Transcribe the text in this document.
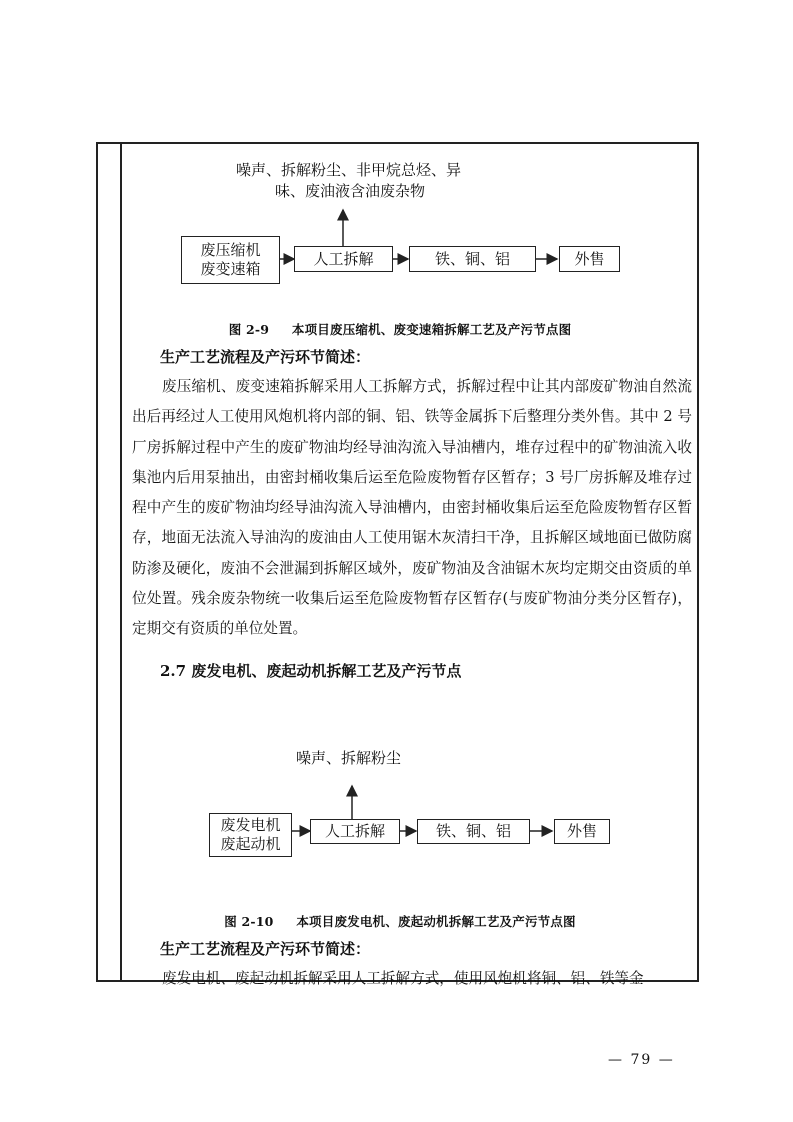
噪声、拆解粉尘、非甲烷总烃、异
味、废油液含油废杂物
废压缩机
废变速箱
人工拆解	铁、铜、铝	外售
图 2-9 本项目废压缩机、废变速箱拆解工艺及产污节点图
生产工艺流程及产污环节简述：

废压缩机、废变速箱拆解采用人工拆解方式，拆解过程中让其内部废矿物油自然流出后再经过人工使用风炮机将内部的铜、铝、铁等金属拆下后整理分类外售。其中 2 号厂房拆解过程中产生的废矿物油均经导油沟流入导油槽内，堆存过程中的矿物油流入收集池内后用泵抽出，由密封桶收集后运至危险废物暂存区暂存；3 号厂房拆解及堆存过程中产生的废矿物油均经导油沟流入导油槽内，由密封桶收集后运至危险废物暂存区暂存，地面无法流入导油沟的废油由人工使用锯木灰清扫干净，且拆解区域地面已做防腐防渗及硬化，废油不会泄漏到拆解区域外，废矿物油及含油锯木灰均定期交由资质的单位处置。残余废杂物统一收集后运至危险废物暂存区暂存(与废矿物油分类分区暂存)，定期交有资质的单位处置。

2.7 废发电机、废起动机拆解工艺及产污节点
噪声、拆解粉尘
废发电机
废起动机
人工拆解	铁、铜、铝	外售
图 2-10 本项目废发电机、废起动机拆解工艺及产污节点图
生产工艺流程及产污环节简述：

废发电机、废起动机拆解采用人工拆解方式，使用风炮机将铜、铝、铁等金

— 79 —
